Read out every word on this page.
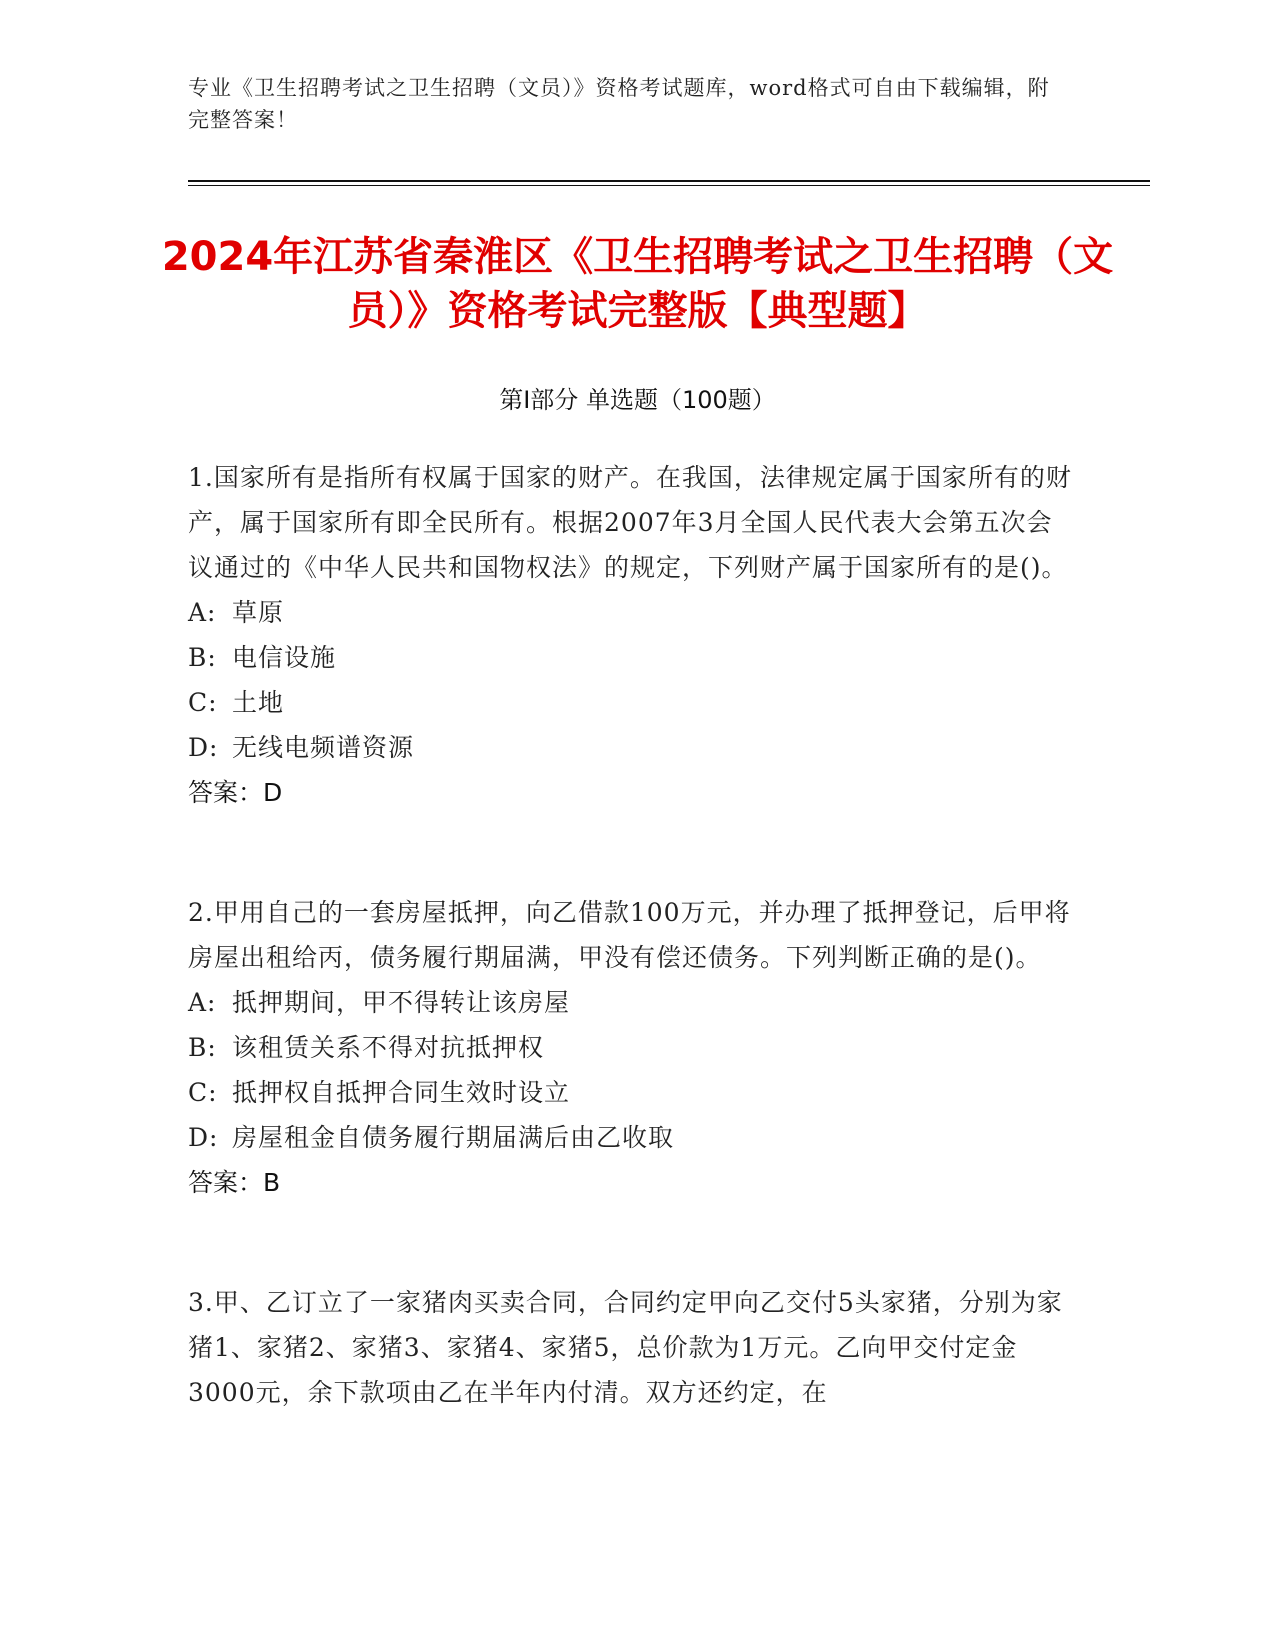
专业《卫生招聘考试之卫生招聘（文员）》资格考试题库，word格式可自由下载编辑，附完整答案！
2024年江苏省秦淮区《卫生招聘考试之卫生招聘（文员）》资格考试完整版【典型题】
第Ⅰ部分 单选题（100题）
1.国家所有是指所有权属于国家的财产。在我国，法律规定属于国家所有的财产，属于国家所有即全民所有。根据2007年3月全国人民代表大会第五次会议通过的《中华人民共和国物权法》的规定，下列财产属于国家所有的是()。
A: 草原
B: 电信设施
C: 土地
D: 无线电频谱资源
答案：D
2.甲用自己的一套房屋抵押，向乙借款100万元，并办理了抵押登记，后甲将房屋出租给丙，债务履行期届满，甲没有偿还债务。下列判断正确的是()。
A: 抵押期间，甲不得转让该房屋
B: 该租赁关系不得对抗抵押权
C: 抵押权自抵押合同生效时设立
D: 房屋租金自债务履行期届满后由乙收取
答案：B
3.甲、乙订立了一家猪肉买卖合同，合同约定甲向乙交付5头家猪，分别为家猪1、家猪2、家猪3、家猪4、家猪5，总价款为1万元。乙向甲交付定金3000元，余下款项由乙在半年内付清。双方还约定，在
